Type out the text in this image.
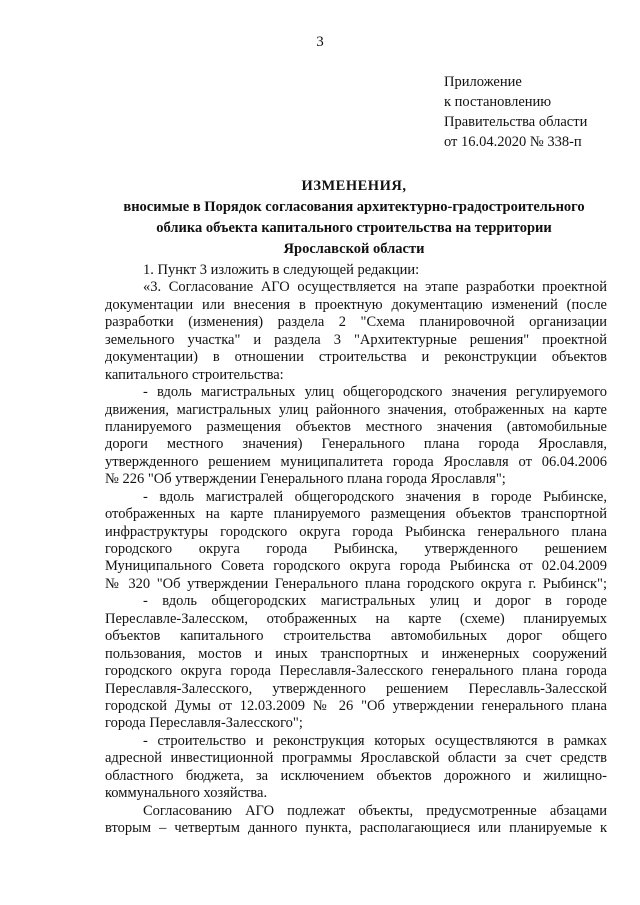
3
Приложение
к постановлению
Правительства области
от 16.04.2020 № 338-п
ИЗМЕНЕНИЯ,
вносимые в Порядок согласования архитектурно-градостроительного
облика объекта капитального строительства на территории
Ярославской области
1. Пункт 3 изложить в следующей редакции:
«3. Согласование АГО осуществляется на этапе разработки проектной
документации или внесения в проектную документацию изменений (после
разработки (изменения) раздела 2 "Схема планировочной организации
земельного участка" и раздела 3 "Архитектурные решения" проектной
документации) в отношении строительства и реконструкции объектов
капитального строительства:
- вдоль магистральных улиц общегородского значения регулируемого
движения, магистральных улиц районного значения, отображенных на карте
планируемого размещения объектов местного значения (автомобильные
дороги местного значения) Генерального плана города Ярославля,
утвержденного решением муниципалитета города Ярославля от 06.04.2006
№ 226 "Об утверждении Генерального плана города Ярославля";
- вдоль магистралей общегородского значения в городе Рыбинске,
отображенных на карте планируемого размещения объектов транспортной
инфраструктуры городского округа города Рыбинска генерального плана
городского округа города Рыбинска, утвержденного решением
Муниципального Совета городского округа города Рыбинска от 02.04.2009
№ 320 "Об утверждении Генерального плана городского округа г. Рыбинск";
- вдоль общегородских магистральных улиц и дорог в городе
Переславле-Залесском, отображенных на карте (схеме) планируемых
объектов капитального строительства автомобильных дорог общего
пользования, мостов и иных транспортных и инженерных сооружений
городского округа города Переславля-Залесского генерального плана города
Переславля-Залесского, утвержденного решением Переславль-Залесской
городской Думы от 12.03.2009 № 26 "Об утверждении генерального плана
города Переславля-Залесского";
- строительство и реконструкция которых осуществляются в рамках
адресной инвестиционной программы Ярославской области за счет средств
областного бюджета, за исключением объектов дорожного и жилищно-
коммунального хозяйства.
Согласованию АГО подлежат объекты, предусмотренные абзацами
вторым – четвертым данного пункта, располагающиеся или планируемые к
